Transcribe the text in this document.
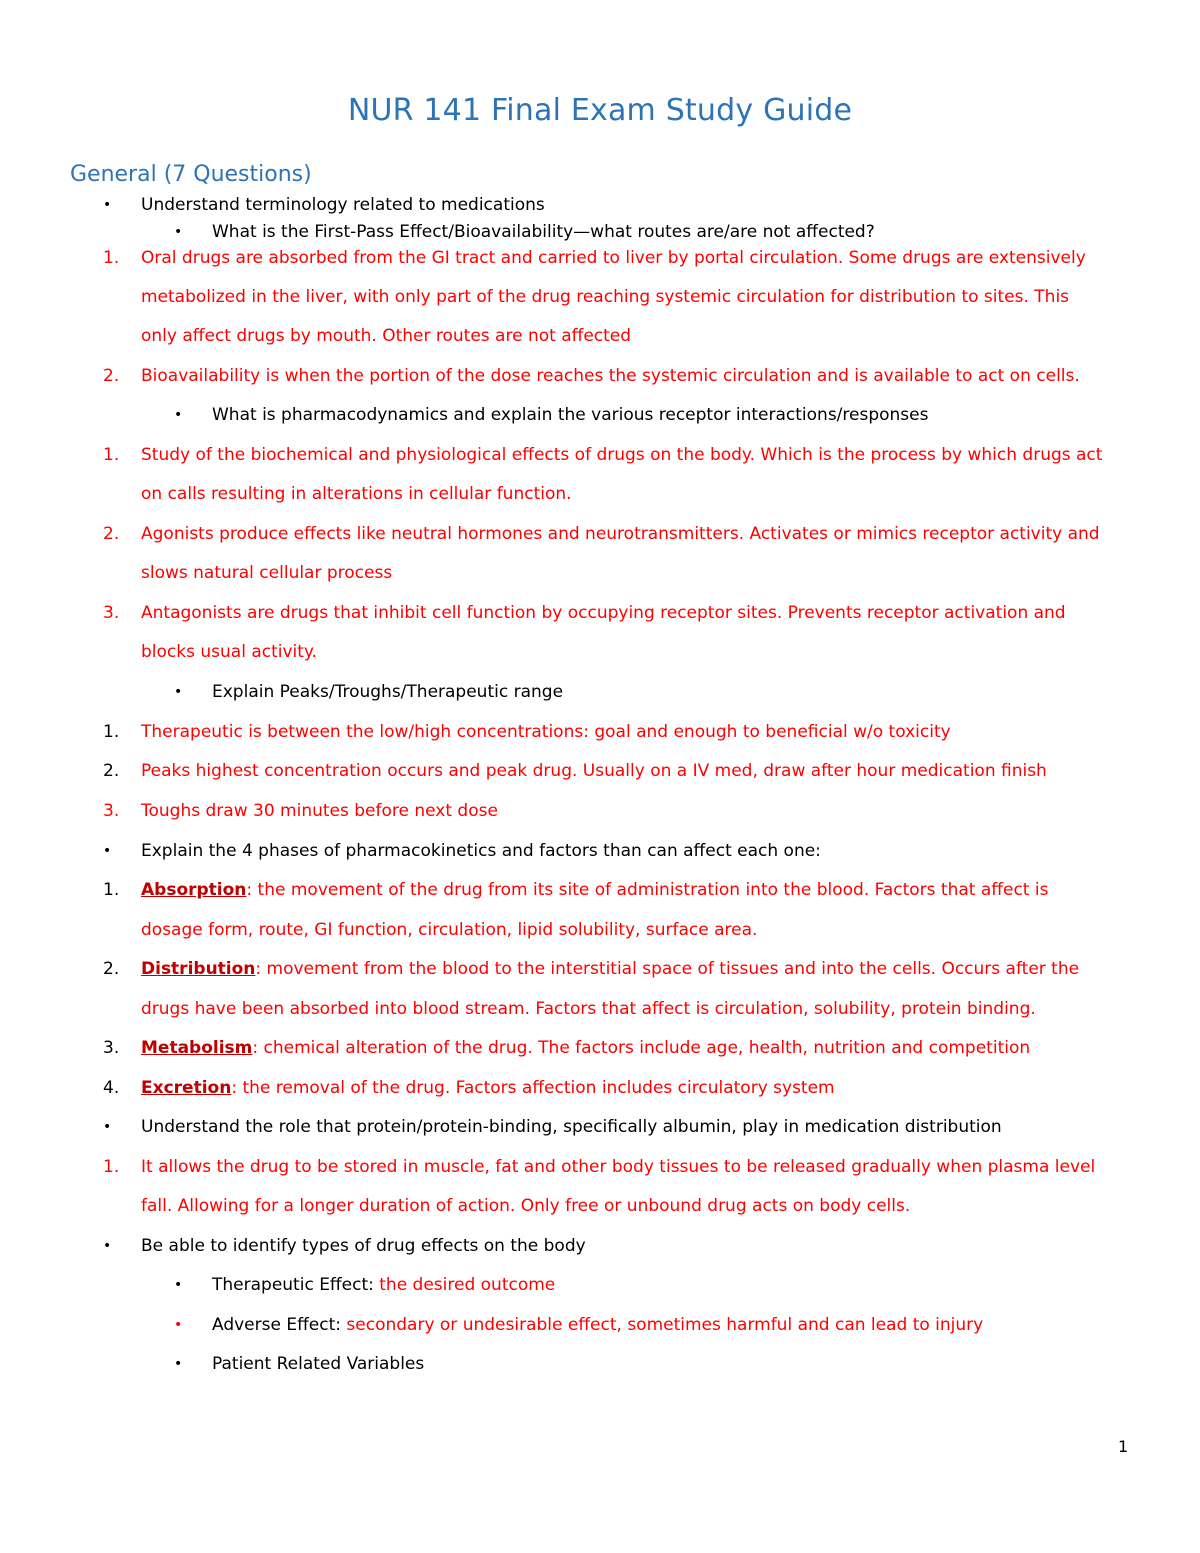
NUR 141 Final Exam Study Guide
General (7 Questions)
• Understand terminology related to medications
• What is the First-Pass Effect/Bioavailability—what routes are/are not affected?
1. Oral drugs are absorbed from the GI tract and carried to liver by portal circulation. Some drugs are extensively
metabolized in the liver, with only part of the drug reaching systemic circulation for distribution to sites. This
only affect drugs by mouth. Other routes are not affected
2. Bioavailability is when the portion of the dose reaches the systemic circulation and is available to act on cells.
• What is pharmacodynamics and explain the various receptor interactions/responses
1. Study of the biochemical and physiological effects of drugs on the body. Which is the process by which drugs act
on calls resulting in alterations in cellular function.
2. Agonists produce effects like neutral hormones and neurotransmitters. Activates or mimics receptor activity and
slows natural cellular process
3. Antagonists are drugs that inhibit cell function by occupying receptor sites. Prevents receptor activation and
blocks usual activity.
• Explain Peaks/Troughs/Therapeutic range
1. Therapeutic is between the low/high concentrations: goal and enough to beneficial w/o toxicity
2. Peaks highest concentration occurs and peak drug. Usually on a IV med, draw after hour medication finish
3. Toughs draw 30 minutes before next dose
• Explain the 4 phases of pharmacokinetics and factors than can affect each one:
1. Absorption: the movement of the drug from its site of administration into the blood. Factors that affect is
dosage form, route, GI function, circulation, lipid solubility, surface area.
2. Distribution: movement from the blood to the interstitial space of tissues and into the cells. Occurs after the
drugs have been absorbed into blood stream. Factors that affect is circulation, solubility, protein binding.
3. Metabolism: chemical alteration of the drug. The factors include age, health, nutrition and competition
4. Excretion: the removal of the drug. Factors affection includes circulatory system
• Understand the role that protein/protein-binding, specifically albumin, play in medication distribution
1. It allows the drug to be stored in muscle, fat and other body tissues to be released gradually when plasma level
fall. Allowing for a longer duration of action. Only free or unbound drug acts on body cells.
• Be able to identify types of drug effects on the body
• Therapeutic Effect: the desired outcome
• Adverse Effect: secondary or undesirable effect, sometimes harmful and can lead to injury
• Patient Related Variables
1
